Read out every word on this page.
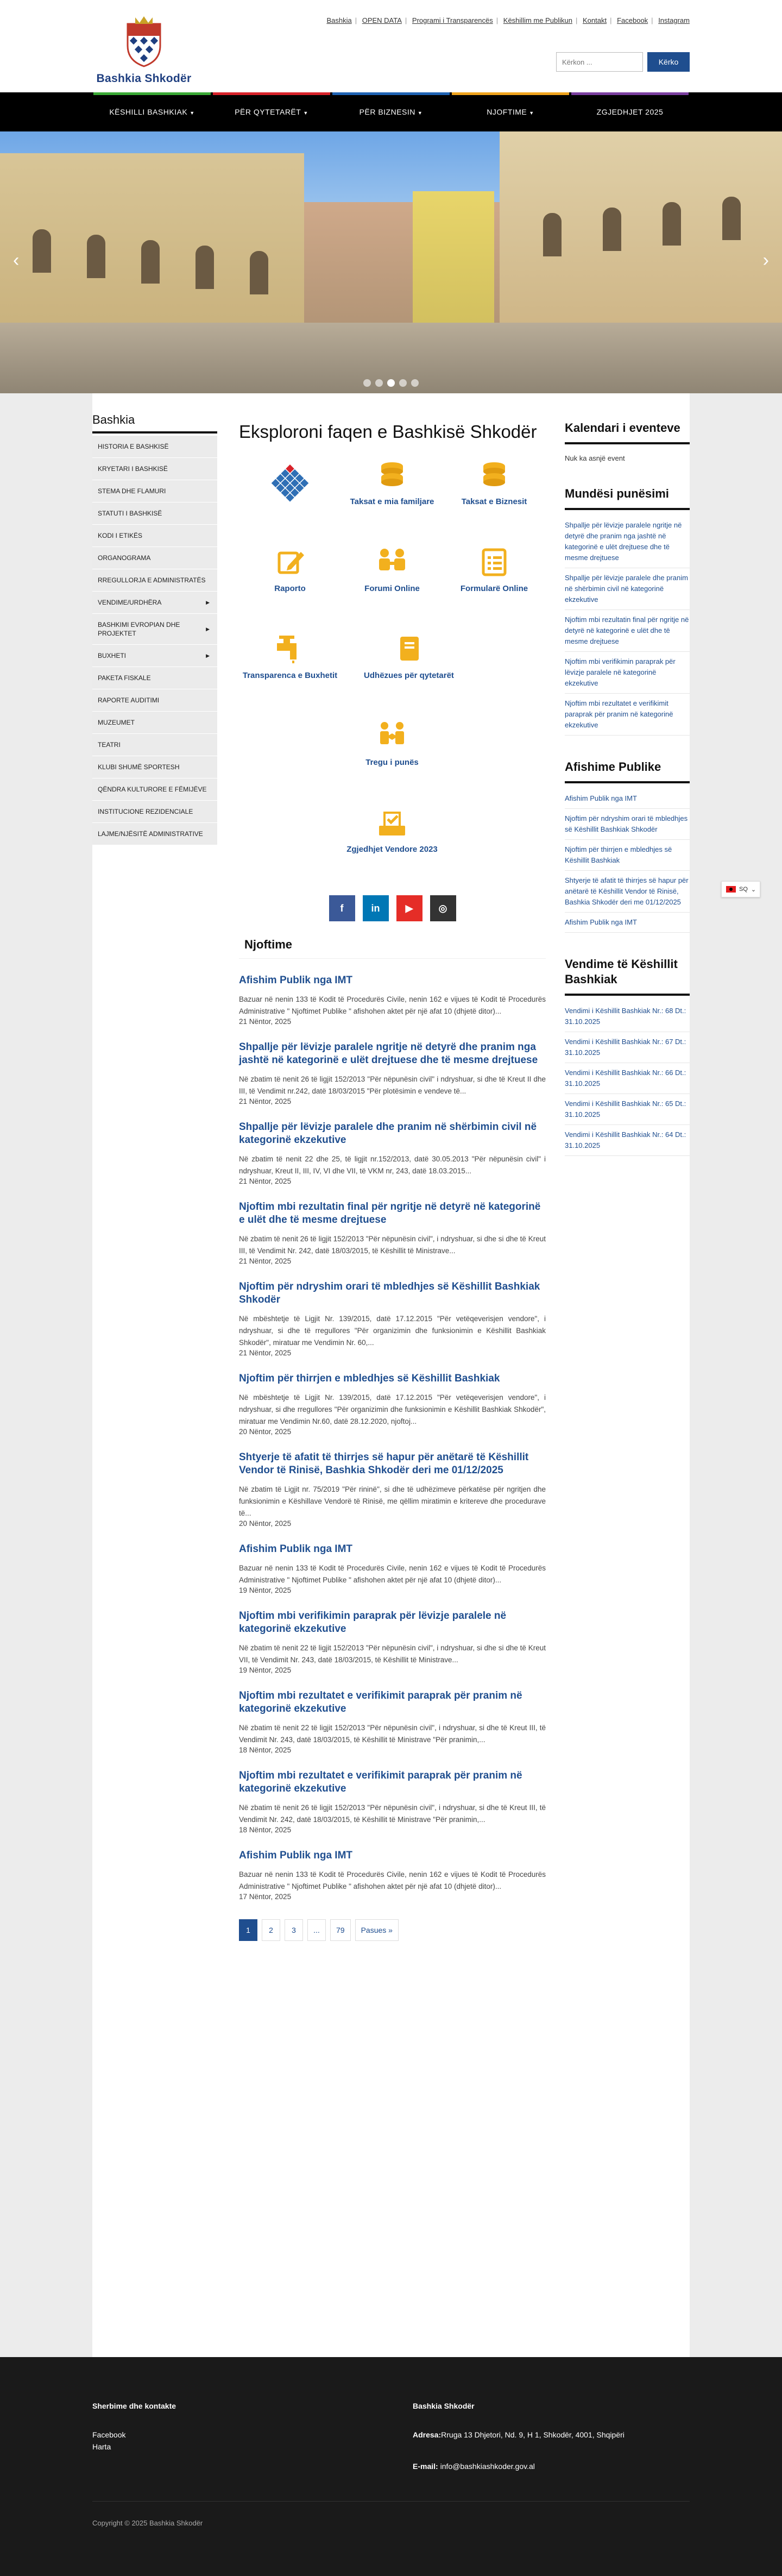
Bashkia Shkodër
Bashkia | OPEN DATA | Programi i Transparencës | Këshillim me Publikun | Kontakt | Facebook | Instagram
Kërkon ...
Kërko
KËSHILLI BASHKIAK ▼	PËR QYTETARËT ▼	PËR BIZNESIN ▼	NJOFTIME ▼	ZGJEDHJET 2025
‹	›
Bashkia
HISTORIA E BASHKISË
KRYETARI I BASHKISË
STEMA DHE FLAMURI
STATUTI I BASHKISË
KODI I ETIKËS
ORGANOGRAMA
RREGULLORJA E ADMINISTRATËS
VENDIME/URDHËRA	▶
BASHKIMI EVROPIAN DHE PROJEKTET
▶
BUXHETI	▶
PAKETA FISKALE
RAPORTE AUDITIMI
MUZEUMET
TEATRI
KLUBI SHUMË SPORTESH
QËNDRA KULTURORE E FËMIJËVE
INSTITUCIONE REZIDENCIALE
LAJME/NJËSITË ADMINISTRATIVE
Eksploroni faqen e Bashkisë Shkodër
Taksat e mia familjare	Taksat e Biznesit
Raporto	Forumi Online	Formularë Online
Transparenca e Buxhetit	Udhëzues për qytetarët
Tregu i punës
Zgjedhjet Vendore 2023
f	in	▶	◎
Njoftime
Afishim Publik nga IMT

Bazuar në nenin 133 të Kodit të Procedurës Civile, nenin 162 e vijues të Kodit të Procedurës Administrative " Njoftimet Publike " afishohen aktet për një afat 10 (dhjetë ditor)...

21 Nëntor, 2025
Shpallje për lëvizje paralele ngritje në detyrë dhe pranim nga jashtë në kategorinë e ulët drejtuese dhe të mesme drejtuese

Në zbatim të nenit 26 të ligjit 152/2013 "Për nëpunësin civil" i ndryshuar, si dhe të Kreut II dhe III, të Vendimit nr.242, datë 18/03/2015 "Për plotësimin e vendeve të...

21 Nëntor, 2025
Shpallje për lëvizje paralele dhe pranim në shërbimin civil në kategorinë ekzekutive

Në zbatim të nenit 22 dhe 25, të ligjit nr.152/2013, datë 30.05.2013 "Për nëpunësin civil" i ndryshuar, Kreut II, III, IV, VI dhe VII, të VKM nr, 243, datë 18.03.2015...

21 Nëntor, 2025
Njoftim mbi rezultatin final për ngritje në detyrë në kategorinë e ulët dhe të mesme drejtuese

Në zbatim të nenit 26 të ligjit 152/2013 "Për nëpunësin civil", i ndryshuar, si dhe si dhe të Kreut III, të Vendimit Nr. 242, datë 18/03/2015, të Këshillit të Ministrave...

21 Nëntor, 2025
Njoftim për ndryshim orari të mbledhjes së Këshillit Bashkiak Shkodër

Në mbështetje të Ligjit Nr. 139/2015, datë 17.12.2015 "Për vetëqeverisjen vendore", i ndryshuar, si dhe të rregullores "Për organizimin dhe funksionimin e Këshillit Bashkiak Shkodër", miratuar me Vendimin Nr. 60,...

21 Nëntor, 2025
Njoftim për thirrjen e mbledhjes së Këshillit Bashkiak

Në mbështetje të Ligjit Nr. 139/2015, datë 17.12.2015 "Për vetëqeverisjen vendore", i ndryshuar, si dhe rregullores "Për organizimin dhe funksionimin e Këshillit Bashkiak Shkodër", miratuar me Vendimin Nr.60, datë 28.12.2020, njoftoj...

20 Nëntor, 2025
Shtyerje të afatit të thirrjes së hapur për anëtarë të Këshillit Vendor të Rinisë, Bashkia Shkodër deri me 01/12/2025

Në zbatim të Ligjit nr. 75/2019 "Për rininë", si dhe të udhëzimeve përkatëse për ngritjen dhe funksionimin e Këshillave Vendorë të Rinisë, me qëllim miratimin e kritereve dhe procedurave të...

20 Nëntor, 2025
Afishim Publik nga IMT

Bazuar në nenin 133 të Kodit të Procedurës Civile, nenin 162 e vijues të Kodit të Procedurës Administrative " Njoftimet Publike " afishohen aktet për një afat 10 (dhjetë ditor)...

19 Nëntor, 2025
Njoftim mbi verifikimin paraprak për lëvizje paralele në kategorinë ekzekutive

Në zbatim të nenit 22 të ligjit 152/2013 "Për nëpunësin civil", i ndryshuar, si dhe si dhe të Kreut VII, të Vendimit Nr. 243, datë 18/03/2015, të Këshillit të Ministrave...

19 Nëntor, 2025
Njoftim mbi rezultatet e verifikimit paraprak për pranim në kategorinë ekzekutive

Në zbatim të nenit 22 të ligjit 152/2013 "Për nëpunësin civil", i ndryshuar, si dhe të Kreut III, të Vendimit Nr. 243, datë 18/03/2015, të Këshillit të Ministrave "Për pranimin,...

18 Nëntor, 2025
Njoftim mbi rezultatet e verifikimit paraprak për pranim në kategorinë ekzekutive

Në zbatim të nenit 26 të ligjit 152/2013 "Për nëpunësin civil", i ndryshuar, si dhe të Kreut III, të Vendimit Nr. 242, datë 18/03/2015, të Këshillit të Ministrave "Për pranimin,...

18 Nëntor, 2025
Afishim Publik nga IMT

Bazuar në nenin 133 të Kodit të Procedurës Civile, nenin 162 e vijues të Kodit të Procedurës Administrative " Njoftimet Publike " afishohen aktet për një afat 10 (dhjetë ditor)...

17 Nëntor, 2025
1	2	3	...	79	Pasues »
Kalendari i eventeve
Nuk ka asnjë event
Mundësi punësimi
Shpallje për lëvizje paralele ngritje në detyrë dhe pranim nga jashtë në kategorinë e ulët drejtuese dhe të mesme drejtuese
Shpallje për lëvizje paralele dhe pranim në shërbimin civil në kategorinë ekzekutive
Njoftim mbi rezultatin final për ngritje në detyrë në kategorinë e ulët dhe të mesme drejtuese
Njoftim mbi verifikimin paraprak për lëvizje paralele në kategorinë ekzekutive
Njoftim mbi rezultatet e verifikimit paraprak për pranim në kategorinë ekzekutive
Afishime Publike
Afishim Publik nga IMT
Njoftim për ndryshim orari të mbledhjes së Këshillit Bashkiak Shkodër
Njoftim për thirrjen e mbledhjes së Këshillit Bashkiak
Shtyerje të afatit të thirrjes së hapur për anëtarë të Këshillit Vendor të Rinisë, Bashkia Shkodër deri me 01/12/2025
Afishim Publik nga IMT
Vendime të Këshillit Bashkiak
Vendimi i Këshillit Bashkiak Nr.: 68 Dt.: 31.10.2025
Vendimi i Këshillit Bashkiak Nr.: 67 Dt.: 31.10.2025
Vendimi i Këshillit Bashkiak Nr.: 66 Dt.: 31.10.2025
Vendimi i Këshillit Bashkiak Nr.: 65 Dt.: 31.10.2025
Vendimi i Këshillit Bashkiak Nr.: 64 Dt.: 31.10.2025
SQ ⌄
Sherbime dhe kontakte
Facebook
Harta
Bashkia Shkodër
Adresa:Rruga 13 Dhjetori, Nd. 9, H 1, Shkodër, 4001, Shqipëri
E-mail: info@bashkiashkoder.gov.al
Copyright © 2025 Bashkia Shkodër
